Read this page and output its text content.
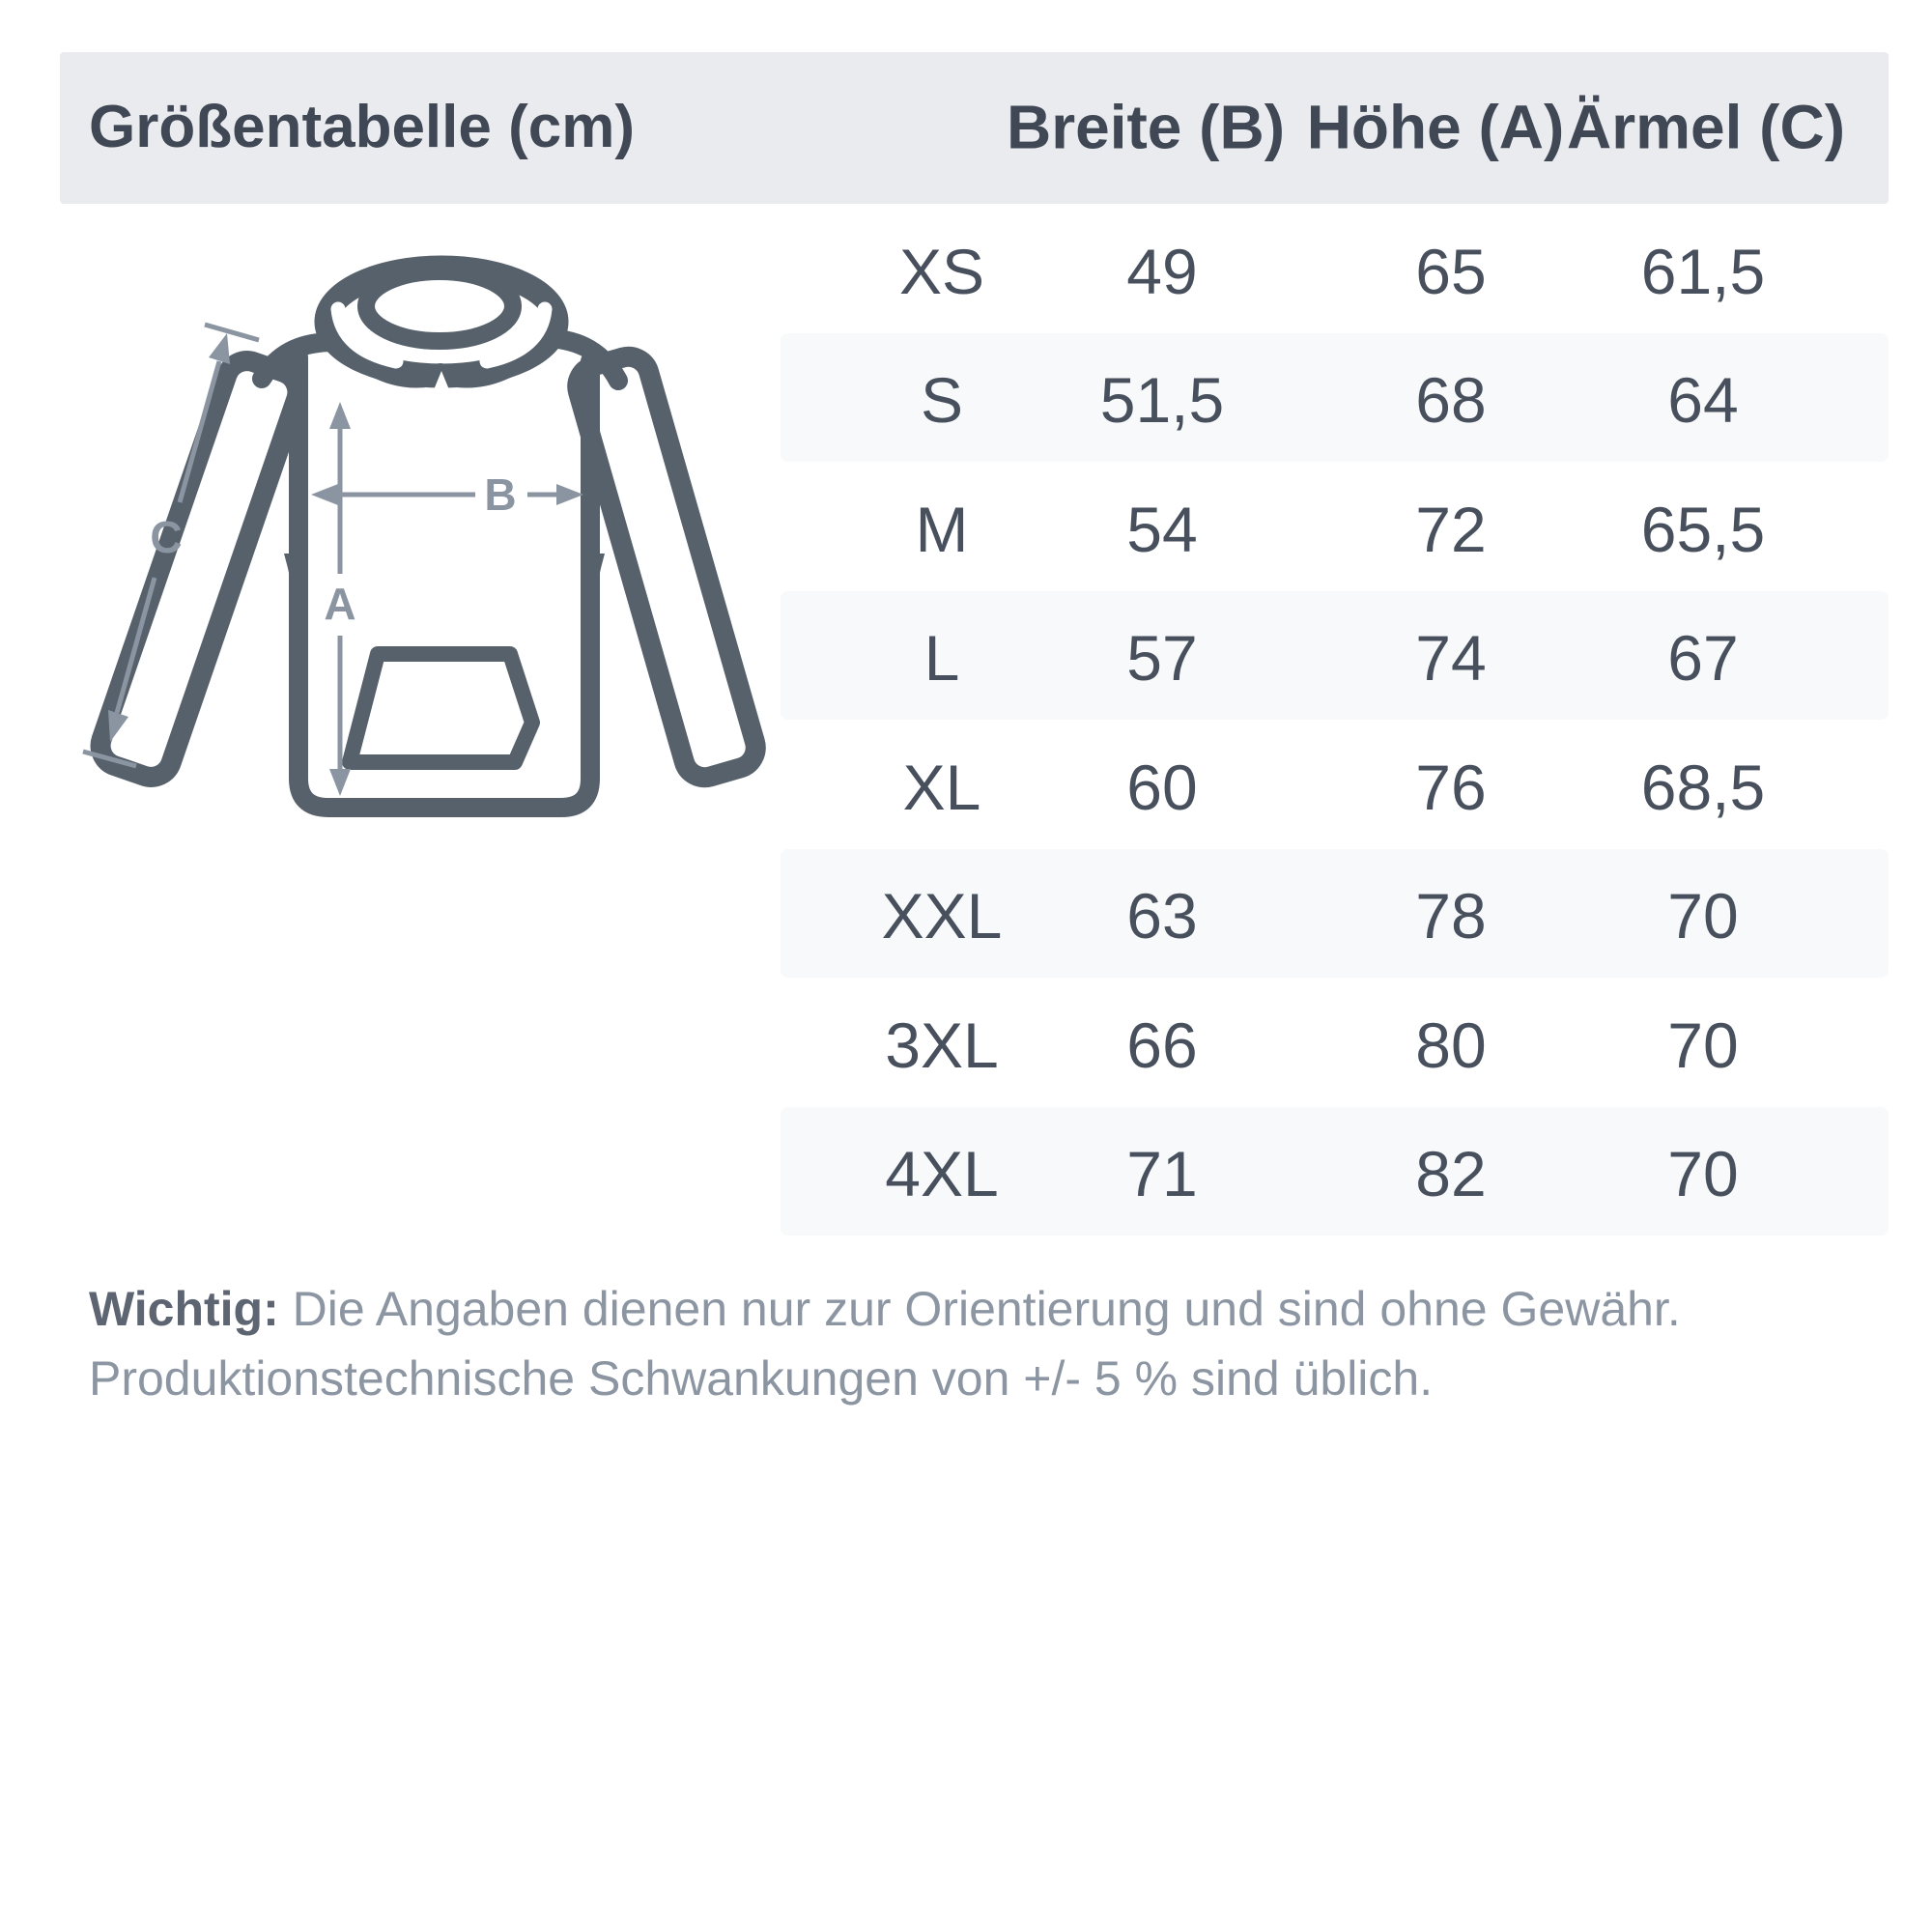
Größentabelle (cm)	Breite (B) Höhe (A) Ärmel (C)
B
A
C
XS 49	65 61,5
S 51,5	68	64
M 54	72 65,5
L	57	74	67
XL 60	76 68,5
XXL 63	78	70
3XL 66	80	70
4XL 71	82	70
Wichtig: Die Angaben dienen nur zur Orientierung und sind ohne Gewähr.
Produktionstechnische Schwankungen von +/- 5 % sind üblich.
